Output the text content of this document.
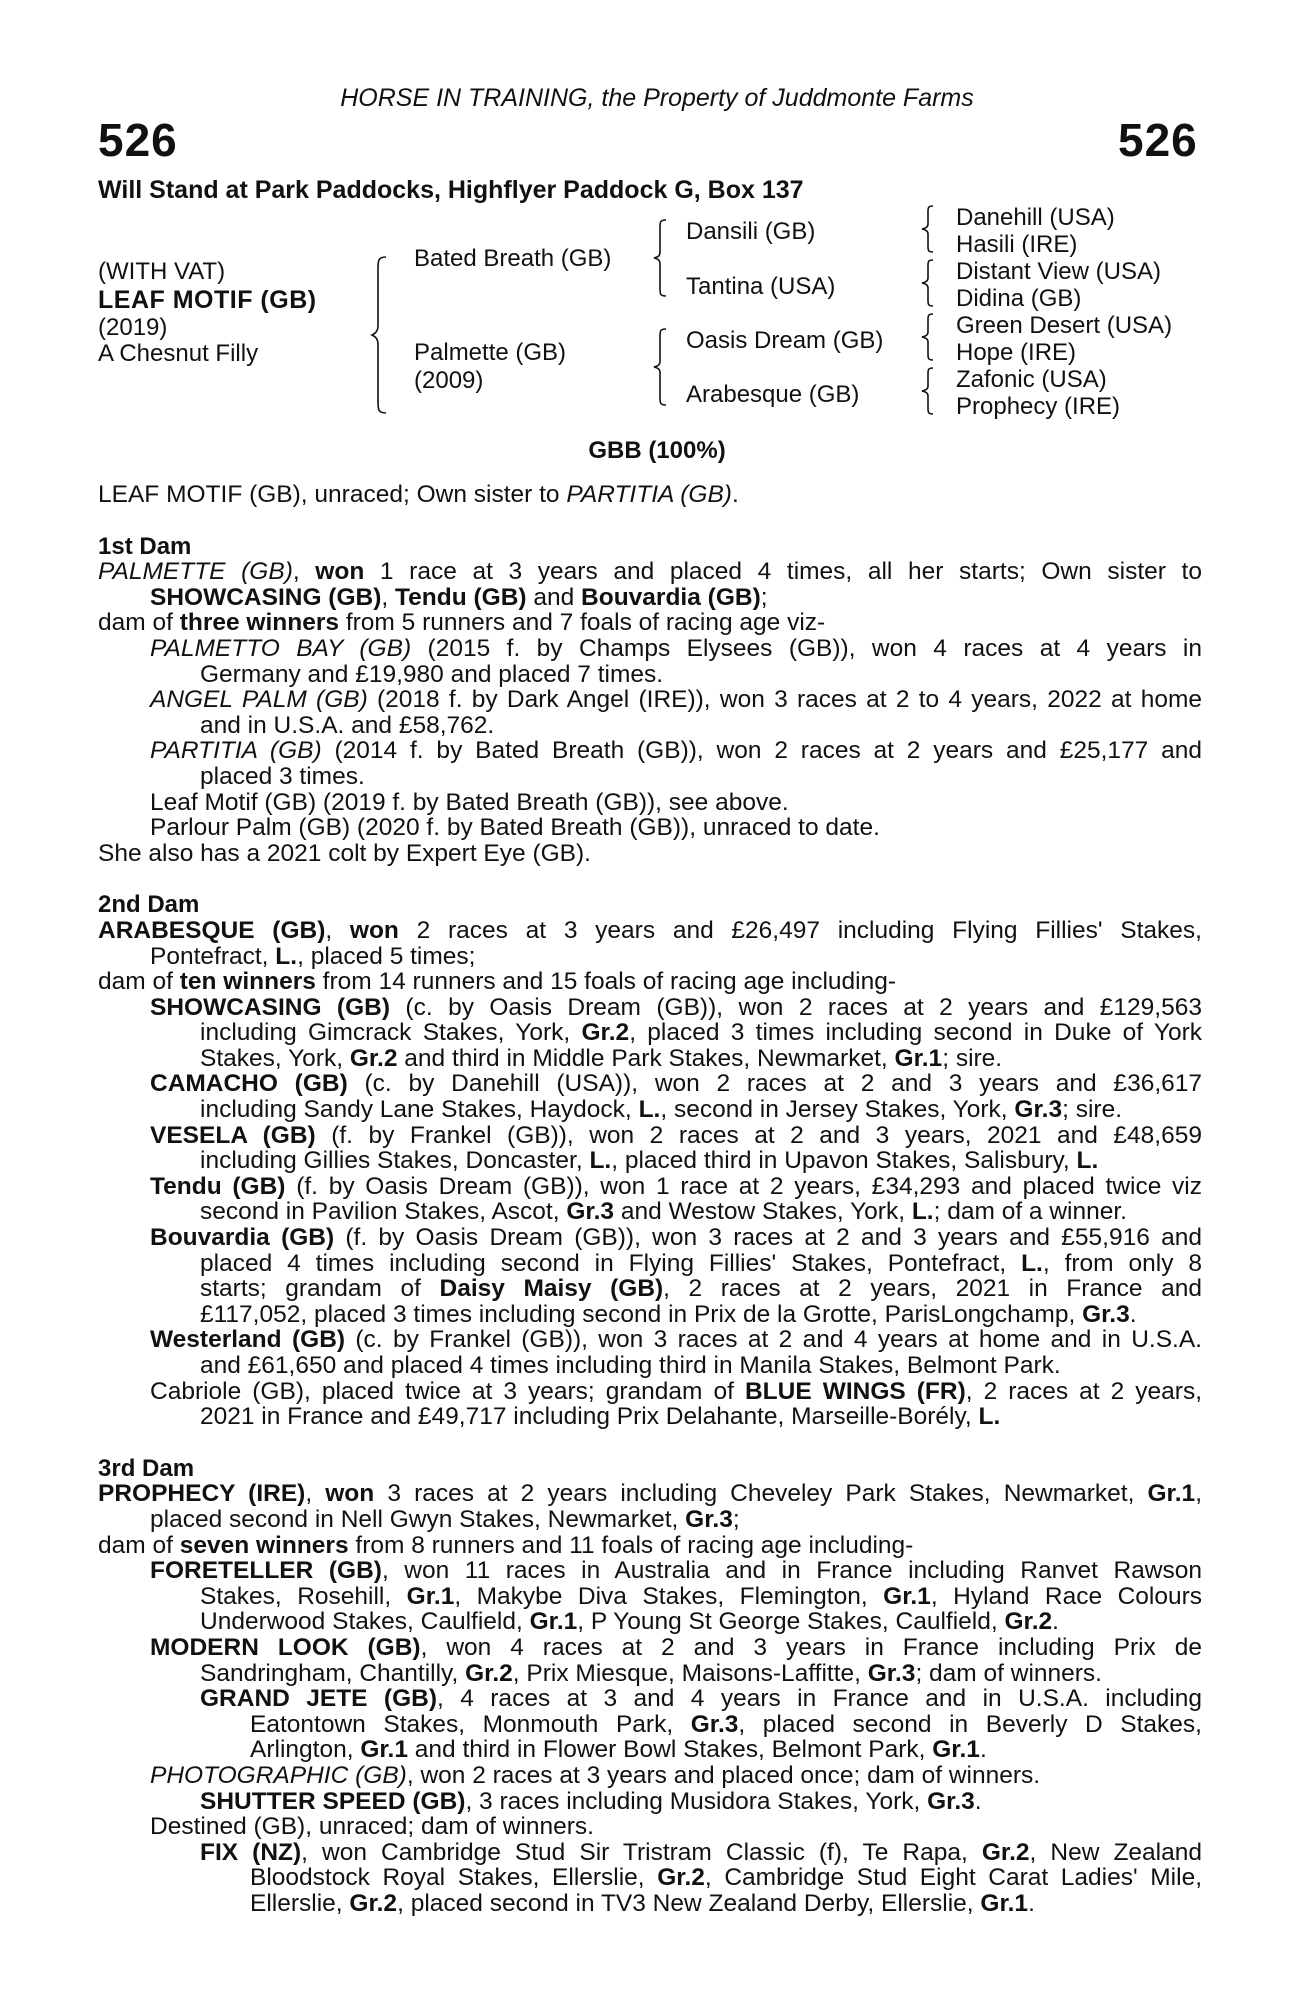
HORSE IN TRAINING, the Property of Juddmonte Farms
526	526
Will Stand at Park Paddocks, Highflyer Paddock G, Box 137
(WITH VAT)
LEAF MOTIF (GB)
(2019)
A Chesnut Filly
Bated Breath (GB)
Palmette (GB)
(2009)
Dansili (GB)
Tantina (USA)
Oasis Dream (GB)
Arabesque (GB)
Danehill (USA)
Hasili (IRE)
Distant View (USA)
Didina (GB)
Green Desert (USA)
Hope (IRE)
Zafonic (USA)
Prophecy (IRE)
GBB (100%)
LEAF MOTIF (GB), unraced; Own sister to PARTITIA (GB).
1st Dam
PALMETTE (GB), won 1 race at 3 years and placed 4 times, all her starts; Own sister to
SHOWCASING (GB), Tendu (GB) and Bouvardia (GB);
dam of three winners from 5 runners and 7 foals of racing age viz-
PALMETTO BAY (GB) (2015 f. by Champs Elysees (GB)), won 4 races at 4 years in
Germany and £19,980 and placed 7 times.
ANGEL PALM (GB) (2018 f. by Dark Angel (IRE)), won 3 races at 2 to 4 years, 2022 at home
and in U.S.A. and £58,762.
PARTITIA (GB) (2014 f. by Bated Breath (GB)), won 2 races at 2 years and £25,177 and
placed 3 times.
Leaf Motif (GB) (2019 f. by Bated Breath (GB)), see above.
Parlour Palm (GB) (2020 f. by Bated Breath (GB)), unraced to date.
She also has a 2021 colt by Expert Eye (GB).
2nd Dam
ARABESQUE (GB), won 2 races at 3 years and £26,497 including Flying Fillies' Stakes,
Pontefract, L., placed 5 times;
dam of ten winners from 14 runners and 15 foals of racing age including-
SHOWCASING (GB) (c. by Oasis Dream (GB)), won 2 races at 2 years and £129,563
including Gimcrack Stakes, York, Gr.2, placed 3 times including second in Duke of York
Stakes, York, Gr.2 and third in Middle Park Stakes, Newmarket, Gr.1; sire.
CAMACHO (GB) (c. by Danehill (USA)), won 2 races at 2 and 3 years and £36,617
including Sandy Lane Stakes, Haydock, L., second in Jersey Stakes, York, Gr.3; sire.
VESELA (GB) (f. by Frankel (GB)), won 2 races at 2 and 3 years, 2021 and £48,659
including Gillies Stakes, Doncaster, L., placed third in Upavon Stakes, Salisbury, L.
Tendu (GB) (f. by Oasis Dream (GB)), won 1 race at 2 years, £34,293 and placed twice viz
second in Pavilion Stakes, Ascot, Gr.3 and Westow Stakes, York, L.; dam of a winner.
Bouvardia (GB) (f. by Oasis Dream (GB)), won 3 races at 2 and 3 years and £55,916 and
placed 4 times including second in Flying Fillies' Stakes, Pontefract, L., from only 8
starts; grandam of Daisy Maisy (GB), 2 races at 2 years, 2021 in France and
£117,052, placed 3 times including second in Prix de la Grotte, ParisLongchamp, Gr.3.
Westerland (GB) (c. by Frankel (GB)), won 3 races at 2 and 4 years at home and in U.S.A.
and £61,650 and placed 4 times including third in Manila Stakes, Belmont Park.
Cabriole (GB), placed twice at 3 years; grandam of BLUE WINGS (FR), 2 races at 2 years,
2021 in France and £49,717 including Prix Delahante, Marseille-Borély, L.
3rd Dam
PROPHECY (IRE), won 3 races at 2 years including Cheveley Park Stakes, Newmarket, Gr.1,
placed second in Nell Gwyn Stakes, Newmarket, Gr.3;
dam of seven winners from 8 runners and 11 foals of racing age including-
FORETELLER (GB), won 11 races in Australia and in France including Ranvet Rawson
Stakes, Rosehill, Gr.1, Makybe Diva Stakes, Flemington, Gr.1, Hyland Race Colours
Underwood Stakes, Caulfield, Gr.1, P Young St George Stakes, Caulfield, Gr.2.
MODERN LOOK (GB), won 4 races at 2 and 3 years in France including Prix de
Sandringham, Chantilly, Gr.2, Prix Miesque, Maisons-Laffitte, Gr.3; dam of winners.
GRAND JETE (GB), 4 races at 3 and 4 years in France and in U.S.A. including
Eatontown Stakes, Monmouth Park, Gr.3, placed second in Beverly D Stakes,
Arlington, Gr.1 and third in Flower Bowl Stakes, Belmont Park, Gr.1.
PHOTOGRAPHIC (GB), won 2 races at 3 years and placed once; dam of winners.
SHUTTER SPEED (GB), 3 races including Musidora Stakes, York, Gr.3.
Destined (GB), unraced; dam of winners.
FIX (NZ), won Cambridge Stud Sir Tristram Classic (f), Te Rapa, Gr.2, New Zealand
Bloodstock Royal Stakes, Ellerslie, Gr.2, Cambridge Stud Eight Carat Ladies' Mile,
Ellerslie, Gr.2, placed second in TV3 New Zealand Derby, Ellerslie, Gr.1.
